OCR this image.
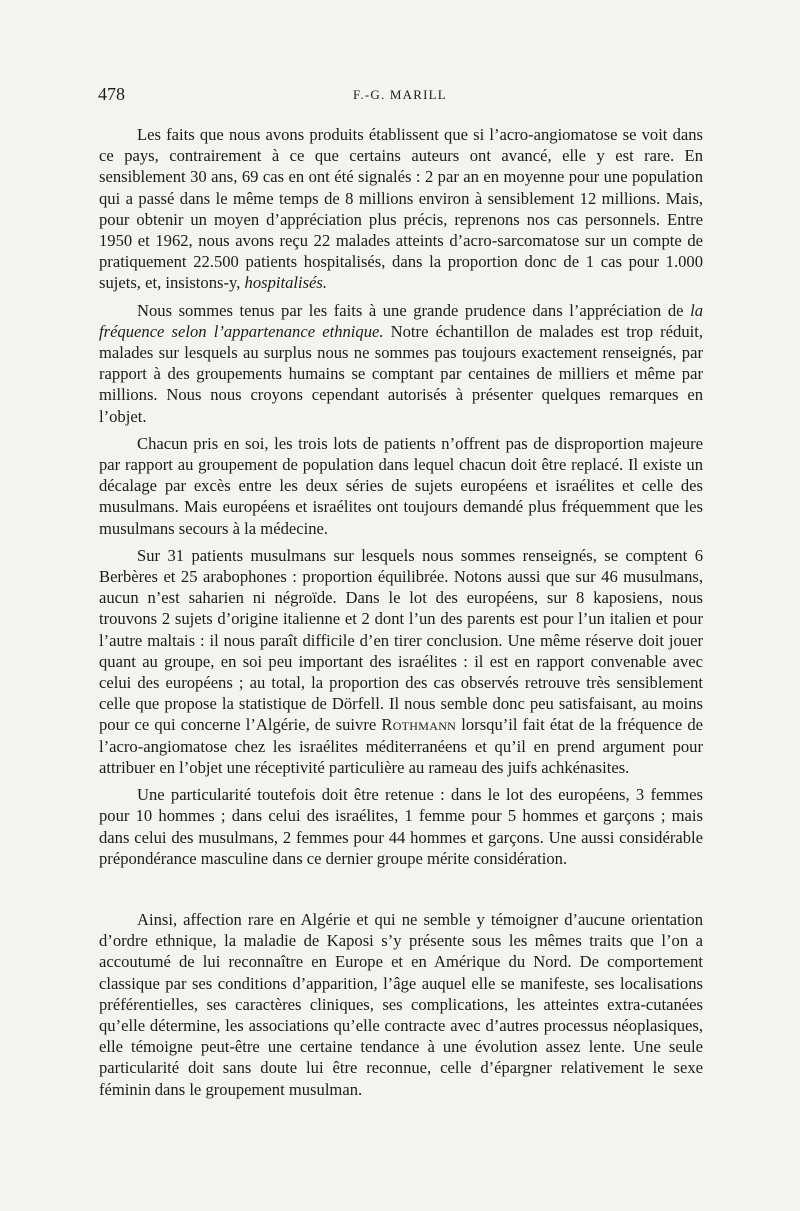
478	F.-G. MARILL

Les faits que nous avons produits établissent que si l’acro-angiomatose se voit dans ce pays, contrairement à ce que certains auteurs ont avancé, elle y est rare. En sensiblement 30 ans, 69 cas en ont été signalés : 2 par an en moyenne pour une population qui a passé dans le même temps de 8 millions environ à sensiblement 12 millions. Mais, pour obtenir un moyen d’appréciation plus précis, reprenons nos cas personnels. Entre 1950 et 1962, nous avons reçu 22 malades atteints d’acro-sarcomatose sur un compte de pratiquement 22.500 patients hospitalisés, dans la proportion donc de 1 cas pour 1.000 sujets, et, insistons-y, hospitalisés.

Nous sommes tenus par les faits à une grande prudence dans l’appréciation de la fréquence selon l’appartenance ethnique. Notre échantillon de malades est trop réduit, malades sur lesquels au surplus nous ne sommes pas toujours exactement renseignés, par rapport à des groupements humains se comptant par centaines de milliers et même par millions. Nous nous croyons cependant autorisés à présenter quelques remarques en l’objet.

Chacun pris en soi, les trois lots de patients n’offrent pas de disproportion majeure par rapport au groupement de population dans lequel chacun doit être replacé. Il existe un décalage par excès entre les deux séries de sujets européens et israélites et celle des musulmans. Mais européens et israélites ont toujours demandé plus fréquemment que les musulmans secours à la médecine.

Sur 31 patients musulmans sur lesquels nous sommes renseignés, se comptent 6 Berbères et 25 arabophones : proportion équilibrée. Notons aussi que sur 46 musulmans, aucun n’est saharien ni négroïde. Dans le lot des européens, sur 8 kaposiens, nous trouvons 2 sujets d’origine italienne et 2 dont l’un des parents est pour l’un italien et pour l’autre maltais : il nous paraît difficile d’en tirer conclusion. Une même réserve doit jouer quant au groupe, en soi peu important des israélites : il est en rapport convenable avec celui des européens ; au total, la proportion des cas observés retrouve très sensiblement celle que propose la statistique de Dörfell. Il nous semble donc peu satisfaisant, au moins pour ce qui concerne l’Algérie, de suivre Rothmann lorsqu’il fait état de la fréquence de l’acro-angiomatose chez les israélites méditerranéens et qu’il en prend argument pour attribuer en l’objet une réceptivité particulière au rameau des juifs achkénasites.

Une particularité toutefois doit être retenue : dans le lot des européens, 3 femmes pour 10 hommes ; dans celui des israélites, 1 femme pour 5 hommes et garçons ; mais dans celui des musulmans, 2 femmes pour 44 hommes et garçons. Une aussi considérable prépondérance masculine dans ce dernier groupe mérite considération.

Ainsi, affection rare en Algérie et qui ne semble y témoigner d’aucune orientation d’ordre ethnique, la maladie de Kaposi s’y présente sous les mêmes traits que l’on a accoutumé de lui reconnaître en Europe et en Amérique du Nord. De comportement classique par ses conditions d’apparition, l’âge auquel elle se manifeste, ses localisations préférentielles, ses caractères cliniques, ses complications, les atteintes extra-cutanées qu’elle détermine, les associations qu’elle contracte avec d’autres processus néoplasiques, elle témoigne peut-être une certaine tendance à une évolution assez lente. Une seule particularité doit sans doute lui être reconnue, celle d’épargner relativement le sexe féminin dans le groupement musulman.
